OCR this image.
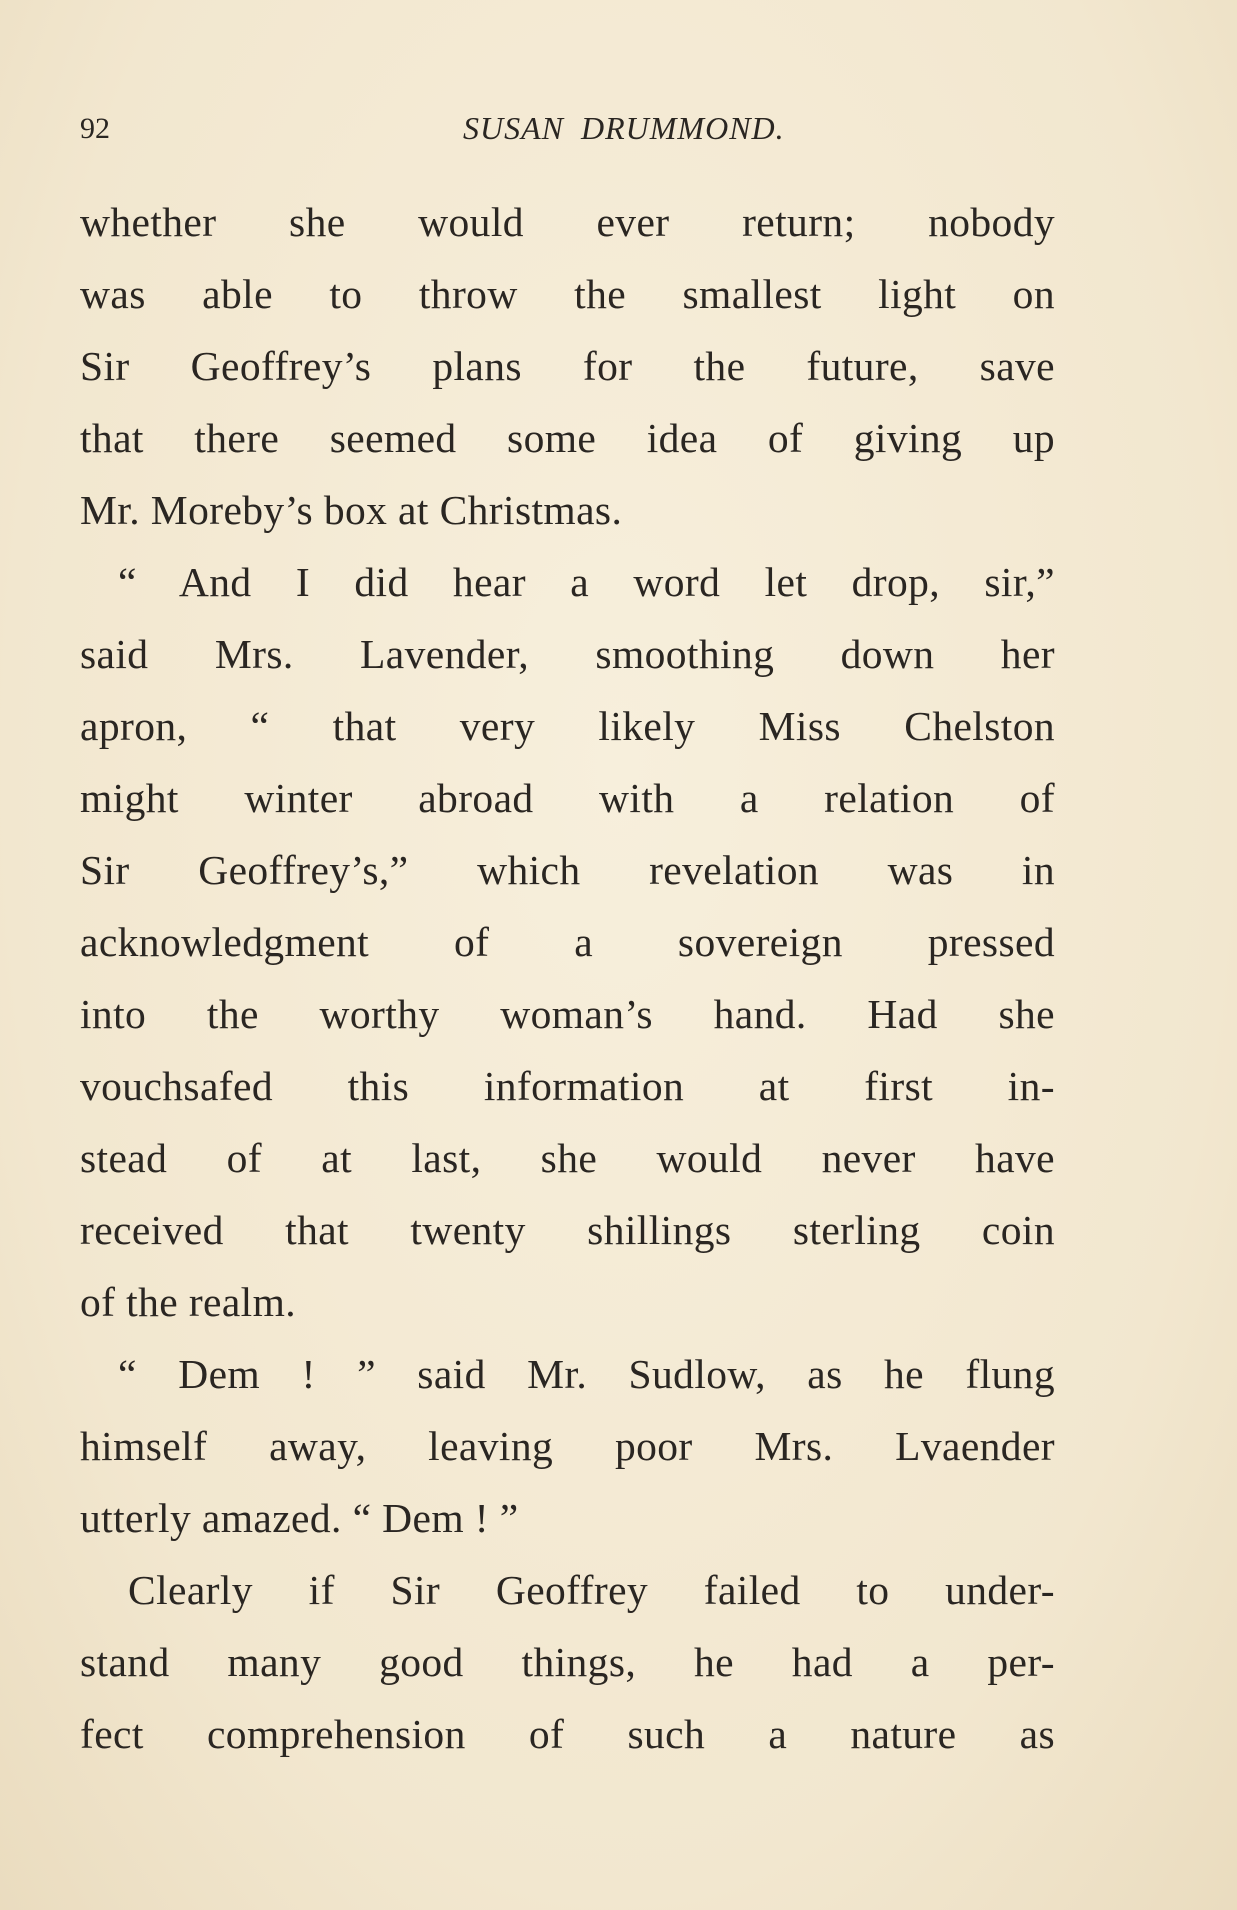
92	SUSAN DRUMMOND.
whether she would ever return; nobody
was able to throw the smallest light on
Sir Geoffrey’s plans for the future, save
that there seemed some idea of giving up
Mr. Moreby’s box at Christmas.
“ And I did hear a word let drop, sir,”
said Mrs. Lavender, smoothing down her
apron, “ that very likely Miss Chelston
might winter abroad with a relation of
Sir Geoffrey’s,” which revelation was in
acknowledgment of a sovereign pressed
into the worthy woman’s hand. Had she
vouchsafed this information at first in-
stead of at last, she would never have
received that twenty shillings sterling coin
of the realm.
“ Dem ! ” said Mr. Sudlow, as he flung
himself away, leaving poor Mrs. Lvaender
utterly amazed. “ Dem ! ”
Clearly if Sir Geoffrey failed to under-
stand many good things, he had a per-
fect comprehension of such a nature as
